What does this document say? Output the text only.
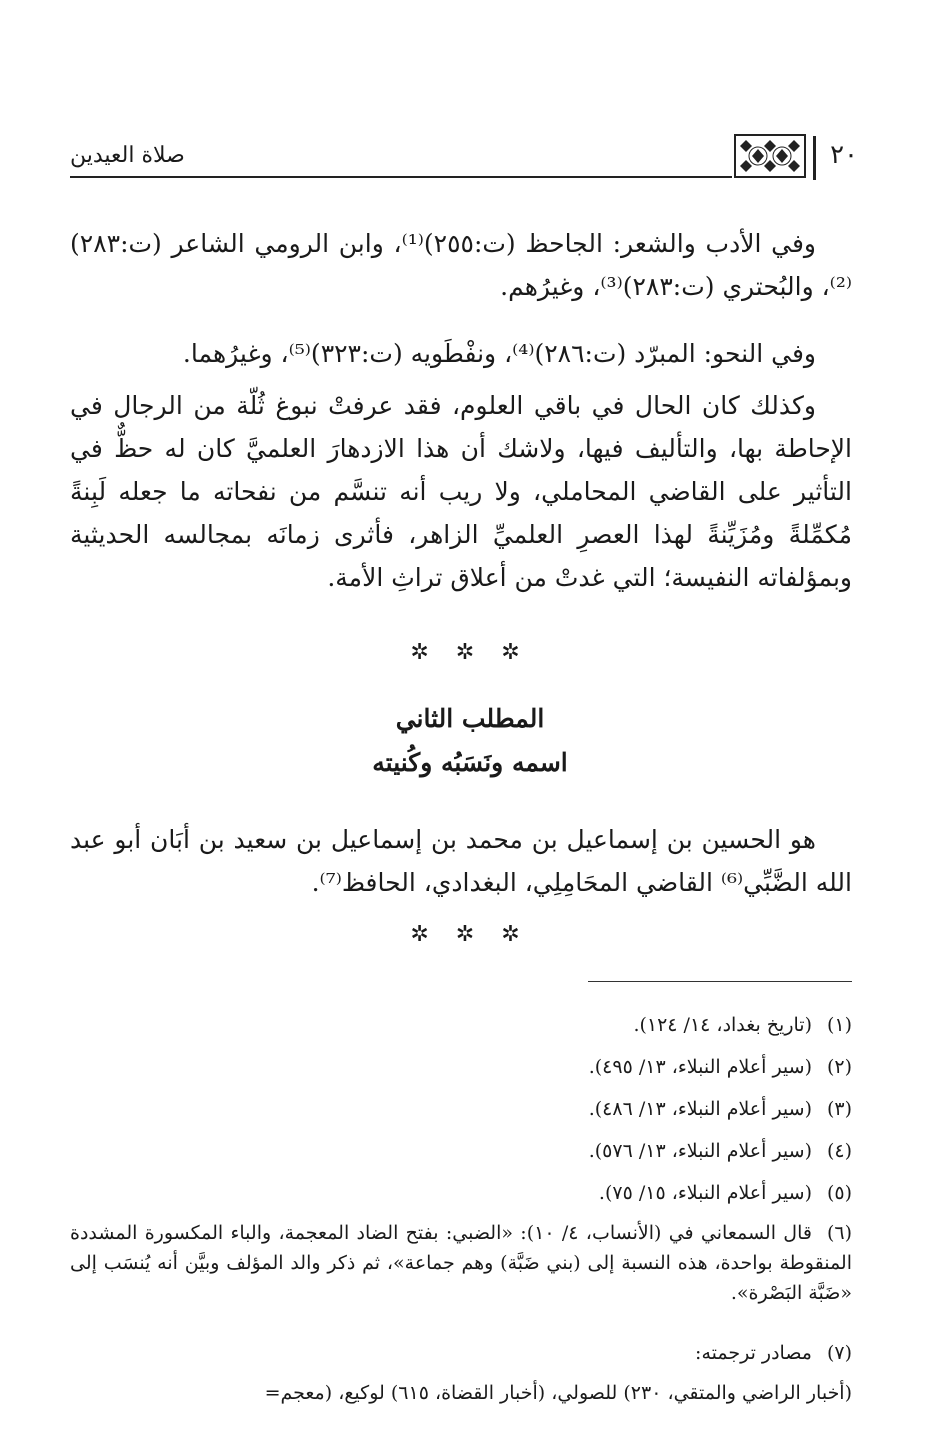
٢٠
صلاة العيدين
وفي الأدب والشعر: الجاحظ (ت:٢٥٥)⁽¹⁾، وابن الرومي الشاعر (ت:٢٨٣)⁽²⁾، والبُحتري (ت:٢٨٣)⁽³⁾، وغيرُهم.
وفي النحو: المبرّد (ت:٢٨٦)⁽⁴⁾، ونفْطَويه (ت:٣٢٣)⁽⁵⁾، وغيرُهما.
وكذلك كان الحال في باقي العلوم، فقد عرفتْ نبوغ ثُلّة من الرجال في الإحاطة بها، والتأليف فيها، ولاشك أن هذا الازدهارَ العلميَّ كان له حظٌّ في التأثير على القاضي المحاملي، ولا ريب أنه تنسَّم من نفحاته ما جعله لَبِنةً مُكمِّلةً ومُزَيِّنةً لهذا العصرِ العلميِّ الزاهر، فأثرى زمانَه بمجالسه الحديثية وبمؤلفاته النفيسة؛ التي غدتْ من أعلاق تراثِ الأمة.
✲ ✲ ✲
المطلب الثاني
اسمه ونَسَبُه وكُنيته
هو الحسين بن إسماعيل بن محمد بن إسماعيل بن سعيد بن أبَان أبو عبد الله الضَّبِّي⁽⁶⁾ القاضي المحَامِلِي، البغدادي، الحافظ⁽⁷⁾.
✲ ✲ ✲
(١)(تاريخ بغداد، ١٤/ ١٢٤).
(٢)(سير أعلام النبلاء، ١٣/ ٤٩٥).
(٣)(سير أعلام النبلاء، ١٣/ ٤٨٦).
(٤)(سير أعلام النبلاء، ١٣/ ٥٧٦).
(٥)(سير أعلام النبلاء، ١٥/ ٧٥).
(٦)قال السمعاني في (الأنساب، ٤/ ١٠): «الضبي: بفتح الضاد المعجمة، والباء المكسورة المشددة المنقوطة بواحدة، هذه النسبة إلى (بني ضَبَّة) وهم جماعة»، ثم ذكر والد المؤلف وبيَّن أنه يُنسَب إلى «ضَبَّة البَصْرة».
(٧)مصادر ترجمته:
(أخبار الراضي والمتقي، ٢٣٠) للصولي، (أخبار القضاة، ٦١٥) لوكيع، (معجم=
